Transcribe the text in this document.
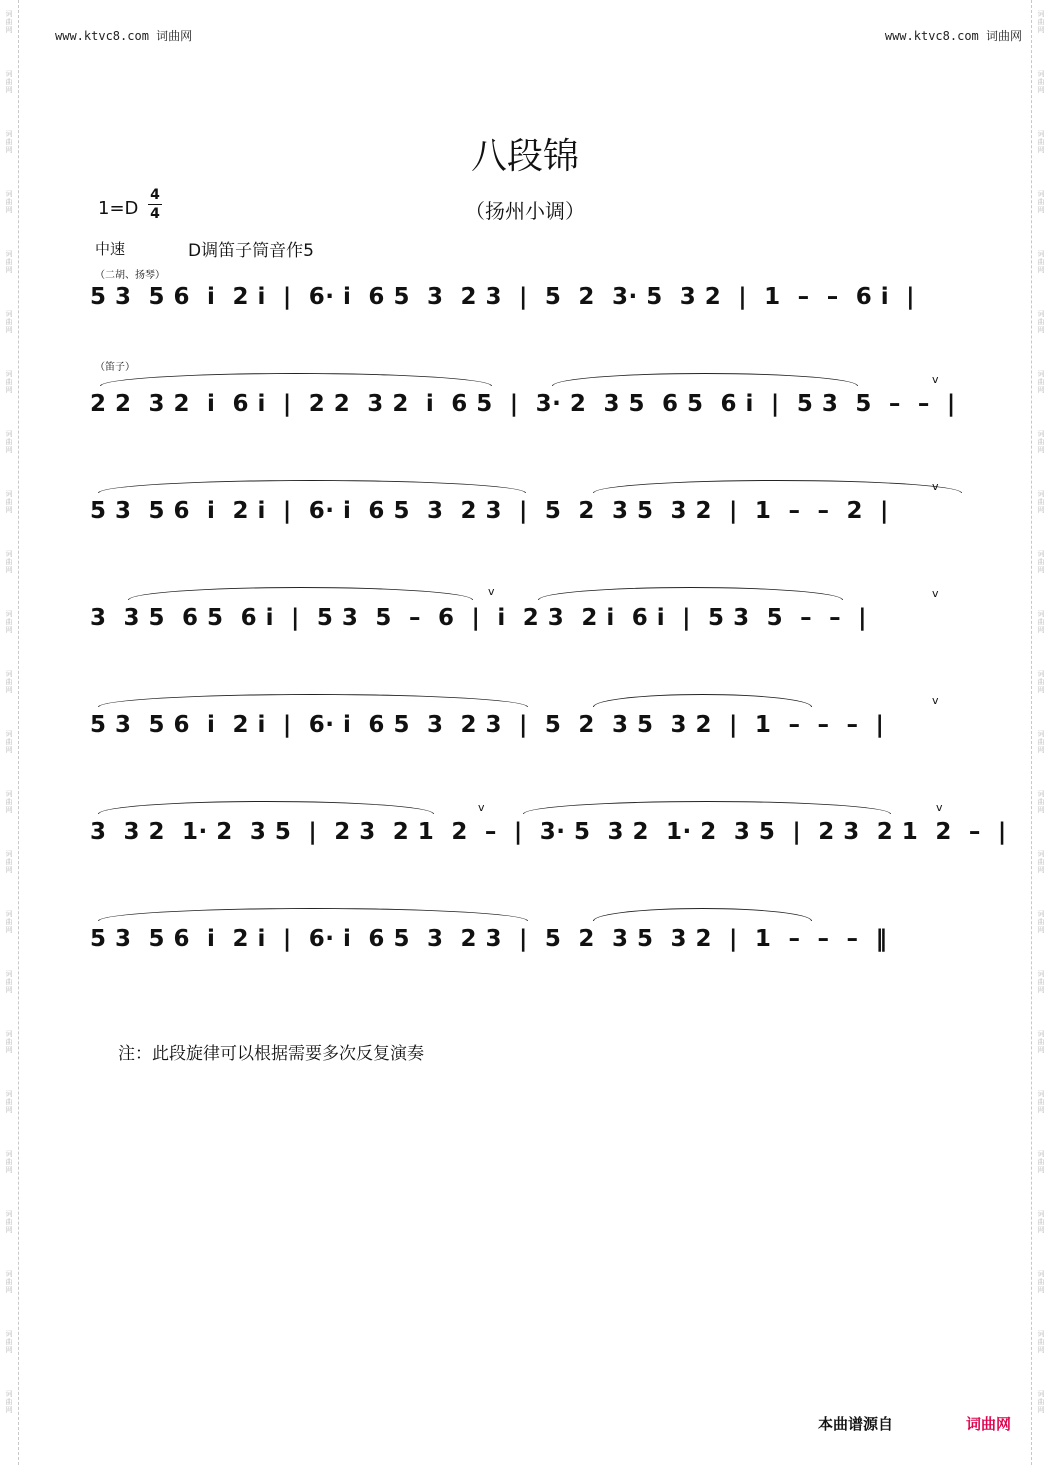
词曲网
词曲网
词曲网
词曲网
词曲网
词曲网
词曲网
词曲网
词曲网
词曲网
词曲网
词曲网
词曲网
词曲网
词曲网
词曲网
词曲网
词曲网
词曲网
词曲网
词曲网
词曲网
词曲网
词曲网
词曲网
词曲网
词曲网
词曲网
词曲网
词曲网
词曲网
词曲网
词曲网
词曲网
词曲网
词曲网
词曲网
词曲网
词曲网
词曲网
词曲网
词曲网
词曲网
词曲网
词曲网
词曲网
词曲网
词曲网
www.ktvc8.com 词曲网	www.ktvc8.com 词曲网
八段锦
（扬州小调）
$1=D \frac{4}{4}$
中速	D调笛子筒音作5
（二胡、扬琴）
（笛子）
5 3  5 6  i  2 i  |  6· i  6 5  3  2 3  |  5  2  3· 5  3 2  |  1  –  –  6 i  |
v
2 2  3 2  i  6 i  |  2 2  3 2  i  6 5  |  3· 2  3 5  6 5  6 i  |  5 3  5  –  –  |
v
5 3  5 6  i  2 i  |  6· i  6 5  3  2 3  |  5  2  3 5  3 2  |  1  –  –  2  |
v	v
3  3 5  6 5  6 i  |  5 3  5  –  6  |  i  2 3  2 i  6 i  |  5 3  5  –  –  |
v
5 3  5 6  i  2 i  |  6· i  6 5  3  2 3  |  5  2  3 5  3 2  |  1  –  –  –  |
v	v
3  3 2  1· 2  3 5  |  2 3  2 1  2  –  |  3· 5  3 2  1· 2  3 5  |  2 3  2 1  2  –  |
5 3  5 6  i  2 i  |  6· i  6 5  3  2 3  |  5  2  3 5  3 2  |  1  –  –  –  ‖
注：此段旋律可以根据需要多次反复演奏
本曲谱源自	词曲网
